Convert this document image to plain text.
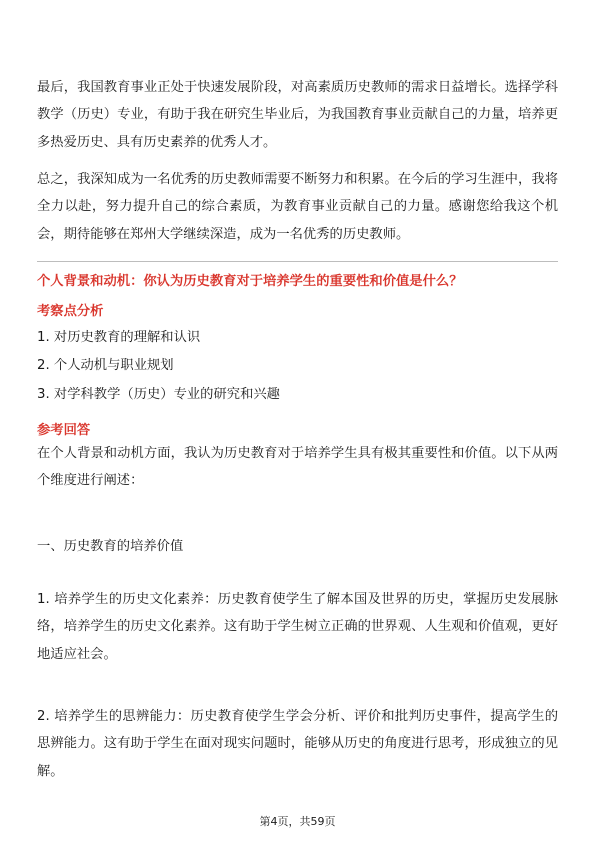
最后，我国教育事业正处于快速发展阶段，对高素质历史教师的需求日益增长。选择学科教学（历史）专业，有助于我在研究生毕业后，为我国教育事业贡献自己的力量，培养更多热爱历史、具有历史素养的优秀人才。

总之，我深知成为一名优秀的历史教师需要不断努力和积累。在今后的学习生涯中，我将全力以赴，努力提升自己的综合素质，为教育事业贡献自己的力量。感谢您给我这个机会，期待能够在郑州大学继续深造，成为一名优秀的历史教师。

个人背景和动机：你认为历史教育对于培养学生的重要性和价值是什么？

考察点分析

1. 对历史教育的理解和认识

2. 个人动机与职业规划

3. 对学科教学（历史）专业的研究和兴趣

参考回答

在个人背景和动机方面，我认为历史教育对于培养学生具有极其重要性和价值。以下从两个维度进行阐述：

一、历史教育的培养价值

1. 培养学生的历史文化素养：历史教育使学生了解本国及世界的历史，掌握历史发展脉络，培养学生的历史文化素养。这有助于学生树立正确的世界观、人生观和价值观，更好地适应社会。

2. 培养学生的思辨能力：历史教育使学生学会分析、评价和批判历史事件，提高学生的思辨能力。这有助于学生在面对现实问题时，能够从历史的角度进行思考，形成独立的见解。

第4页，共59页
